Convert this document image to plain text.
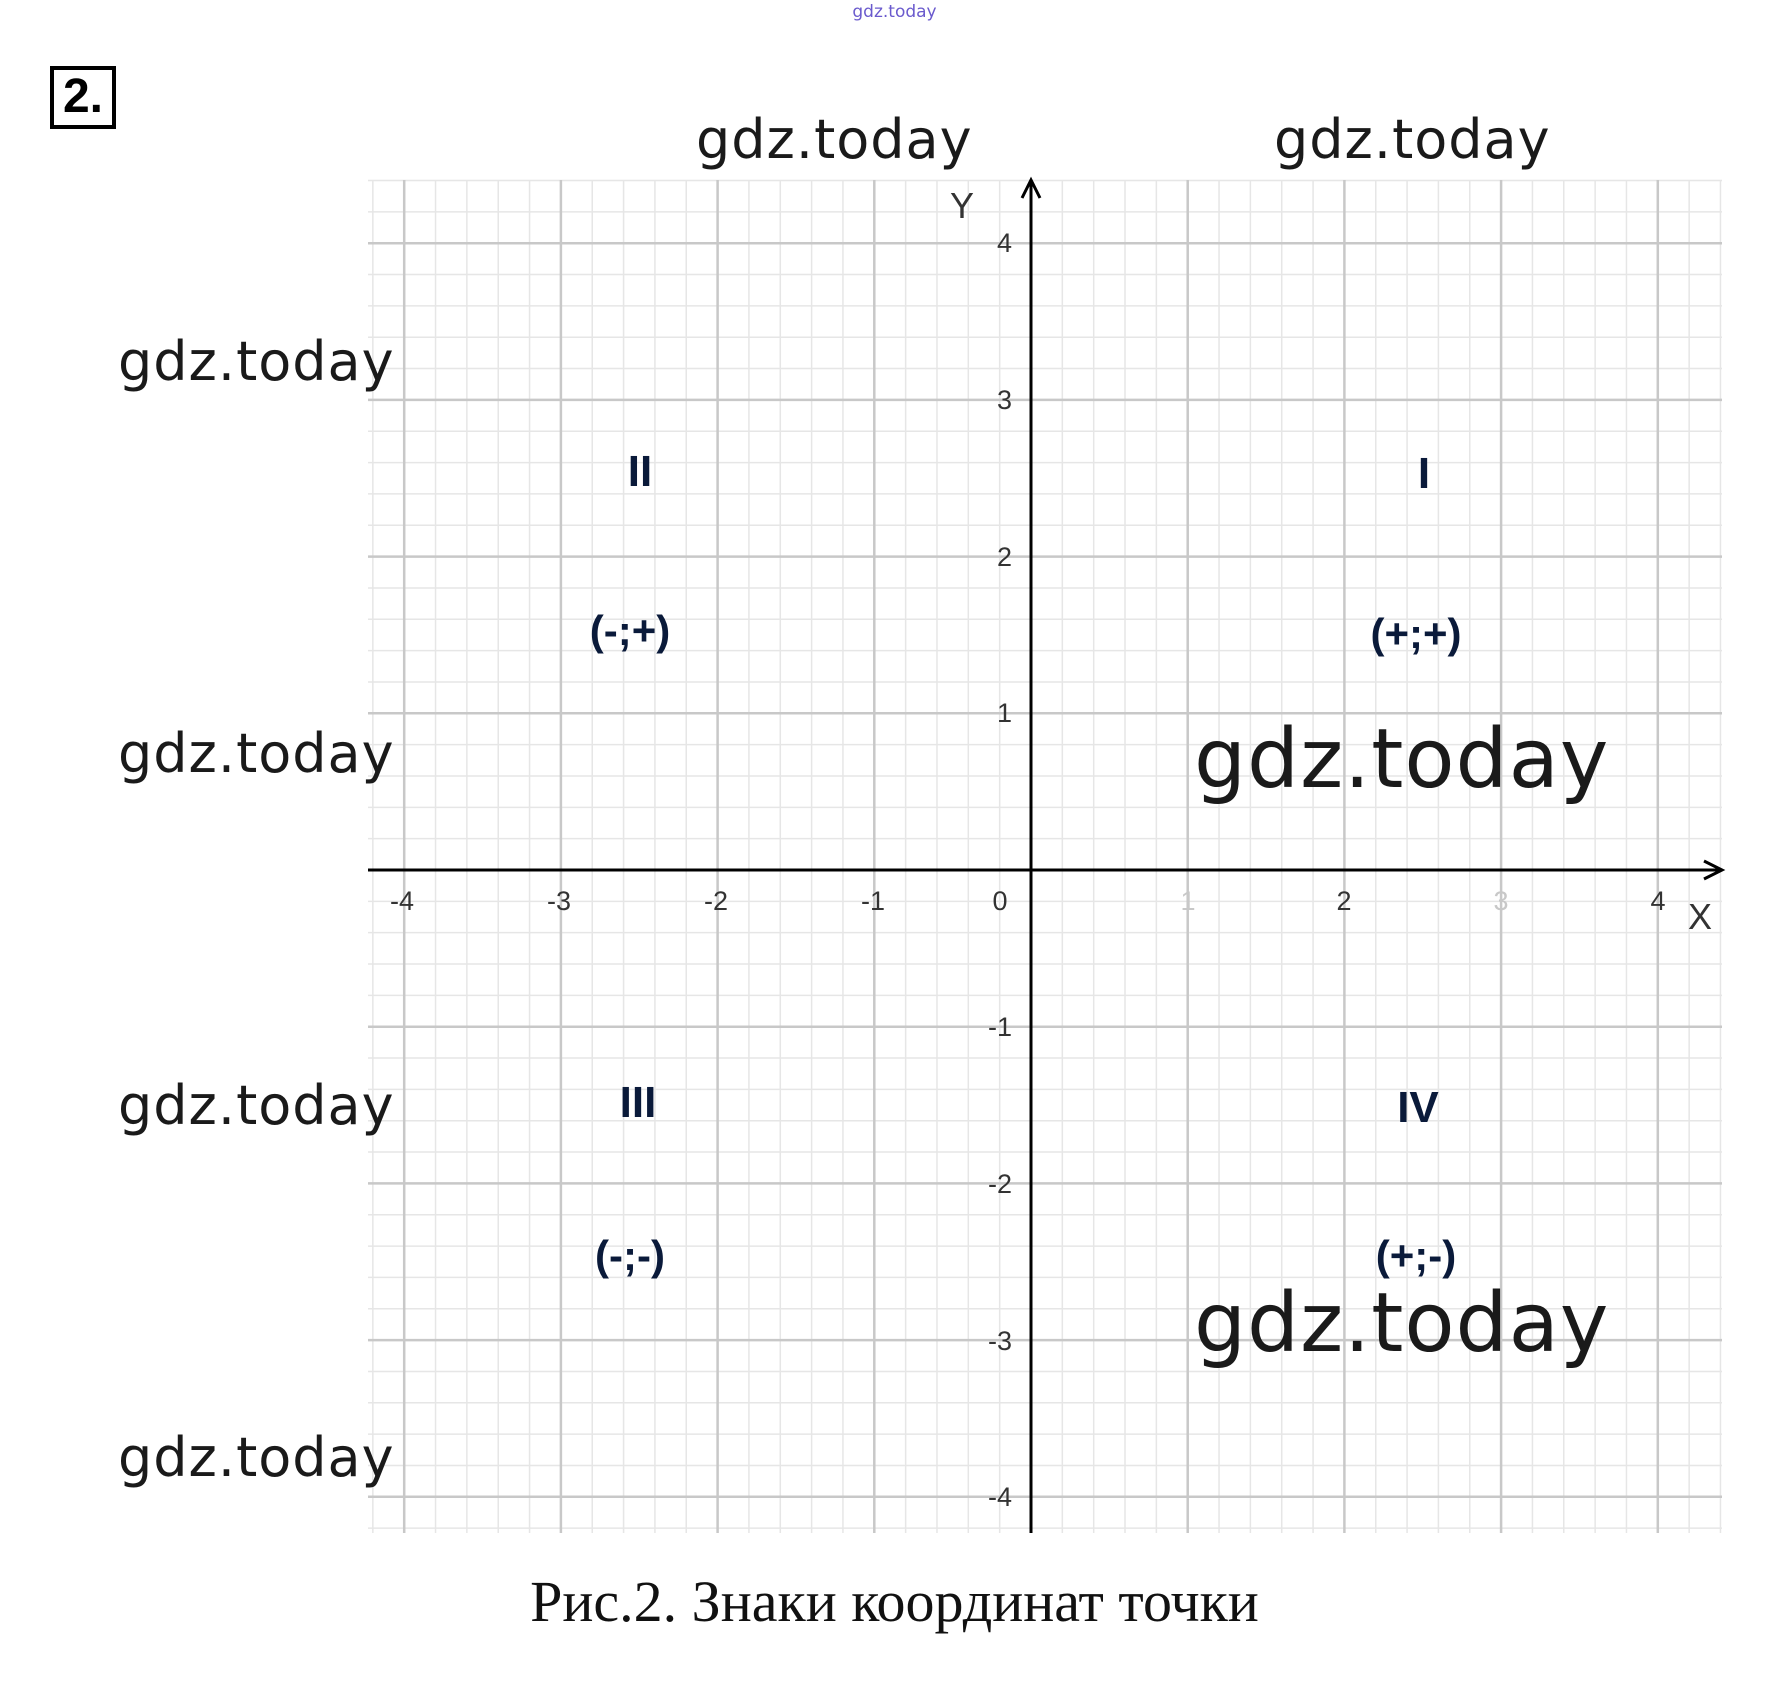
gdz.today
2.
-4	-3	-2	-1	1	2	3	4
0
4
3
2
1
-1
-2
-3
-4
X
Y
I
(+;+)
II
(-;+)
III
(-;-)
IV
(+;-)
gdz.today	gdz.today
gdz.today
gdz.today
gdz.today
gdz.today
gdz.today
gdz.today
Рис.2. Знаки координат точки
